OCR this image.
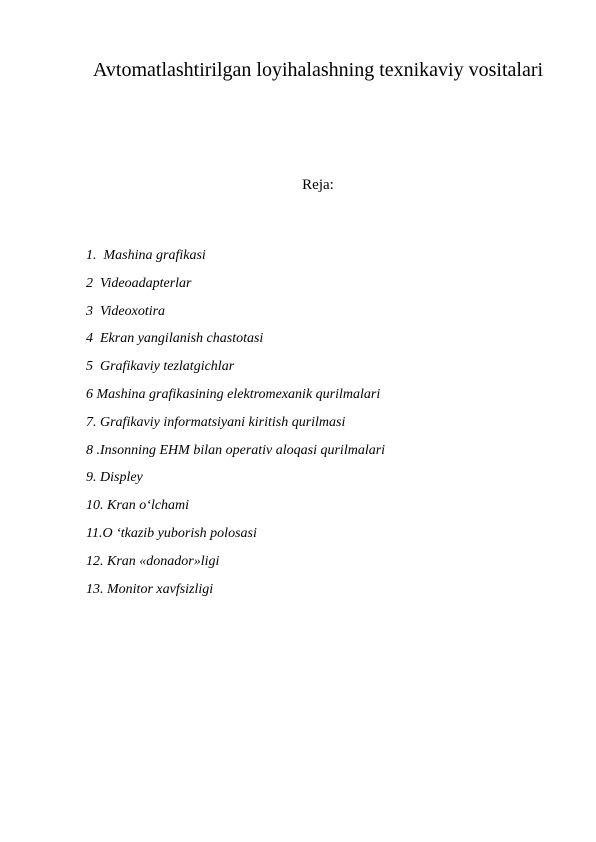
Avtomatlashtirilgan loyihalashning texnikaviy vositalari
Reja:
1.  Mashina grafikasi
2  Videoadapterlar
3  Videoxotira
4  Ekran yangilanish chastotasi
5  Grafikaviy tezlatgichlar
6 Mashina grafikasining elektromexanik qurilmalari
7. Grafikaviy informatsiyani kiritish qurilmasi
8 .Insonning EHM bilan operativ aloqasi qurilmalari
9. Displey
10. Kran o‘lchami
11.O ‘tkazib yuborish polosasi
12. Kran «donador»ligi
13. Monitor xavfsizligi
